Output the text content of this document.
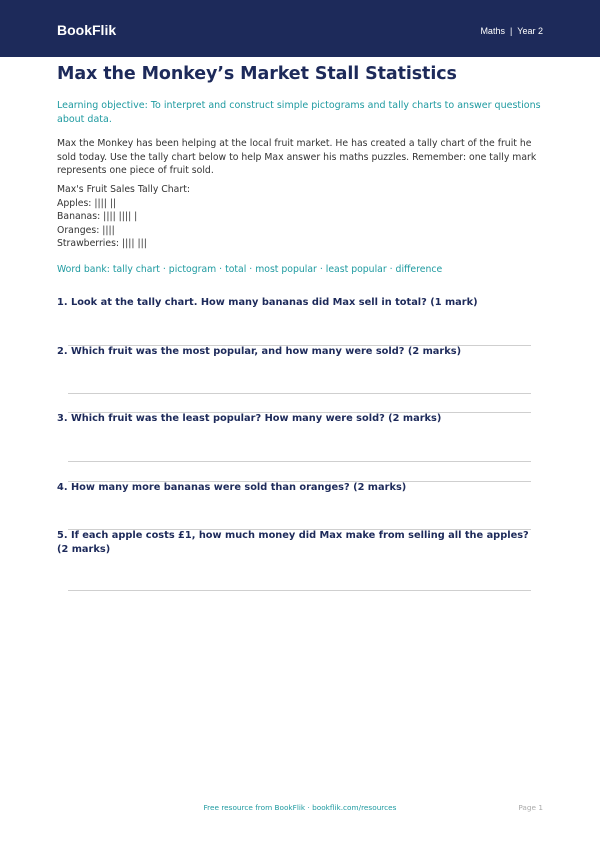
BookFlik	Maths | Year 2
Max the Monkey’s Market Stall Statistics
Learning objective: To interpret and construct simple pictograms and tally charts to answer questions about data.
Max the Monkey has been helping at the local fruit market. He has created a tally chart of the fruit he sold today. Use the tally chart below to help Max answer his maths puzzles. Remember: one tally mark represents one piece of fruit sold.
Max's Fruit Sales Tally Chart:
Apples: |||| ||
Bananas: |||| |||| |
Oranges: ||||
Strawberries: |||| |||
Word bank: tally chart · pictogram · total · most popular · least popular · difference
1. Look at the tally chart. How many bananas did Max sell in total? (1 mark)
2. Which fruit was the most popular, and how many were sold? (2 marks)
3. Which fruit was the least popular? How many were sold? (2 marks)
4. How many more bananas were sold than oranges? (2 marks)
5. If each apple costs £1, how much money did Max make from selling all the apples? (2 marks)
Free resource from BookFlik · bookflik.com/resources	Page 1
